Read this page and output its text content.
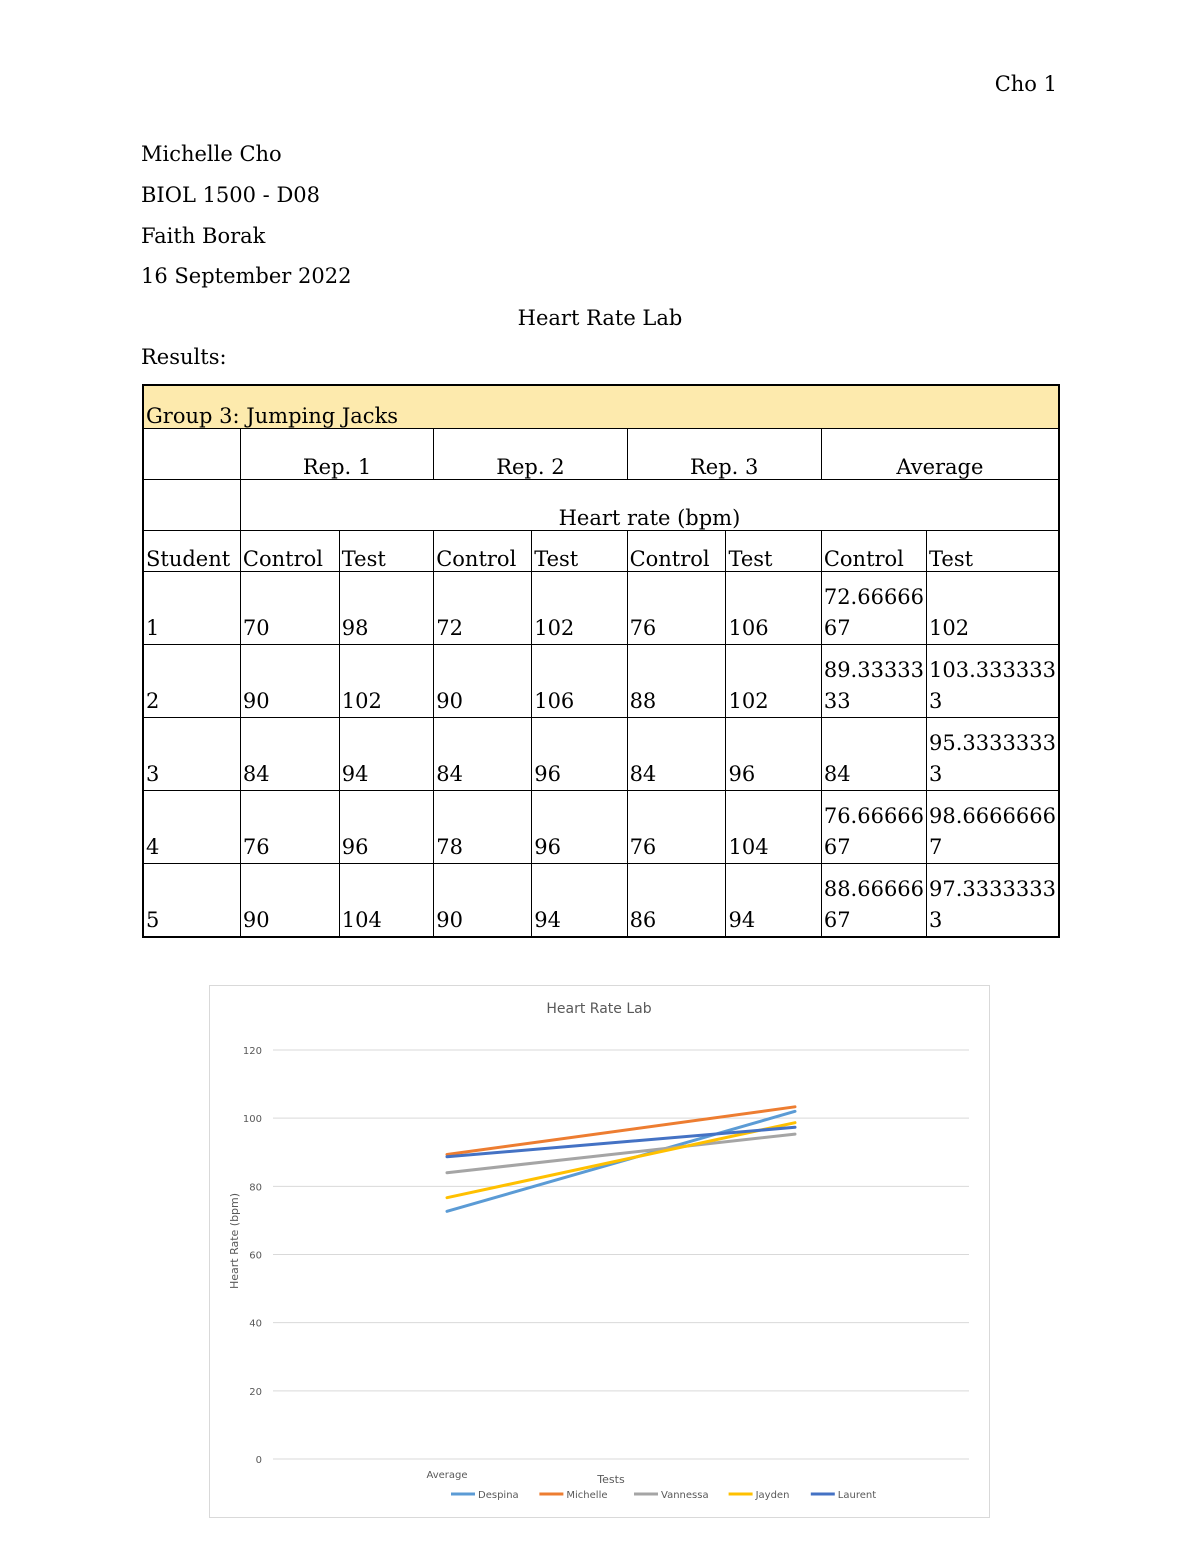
Cho 1
Michelle Cho
BIOL 1500 - D08
Faith Borak
16 September 2022
Heart Rate Lab
Results:
Group 3: Jumping Jacks								
	Rep. 1		Rep. 2		Rep. 3		Average	
	Heart rate (bpm)							
Student	Control	Test	Control	Test	Control	Test	Control	Test
1	70	98	72	102	76	106	72.66666 67	102
2	90	102	90	106	88	102	89.33333 33	103.333333 3
3	84	94	84	96	84	96	84	95.3333333 3
4	76	96	78	96	76	104	76.66666 67	98.6666666 7
5	90	104	90	94	86	94	88.66666 67	97.3333333 3
Heart Rate Lab
0
20
40
60
80
100
120
Average	Tests
Heart Rate (bpm)
Despina	Michelle	Vannessa	Jayden	Laurent
